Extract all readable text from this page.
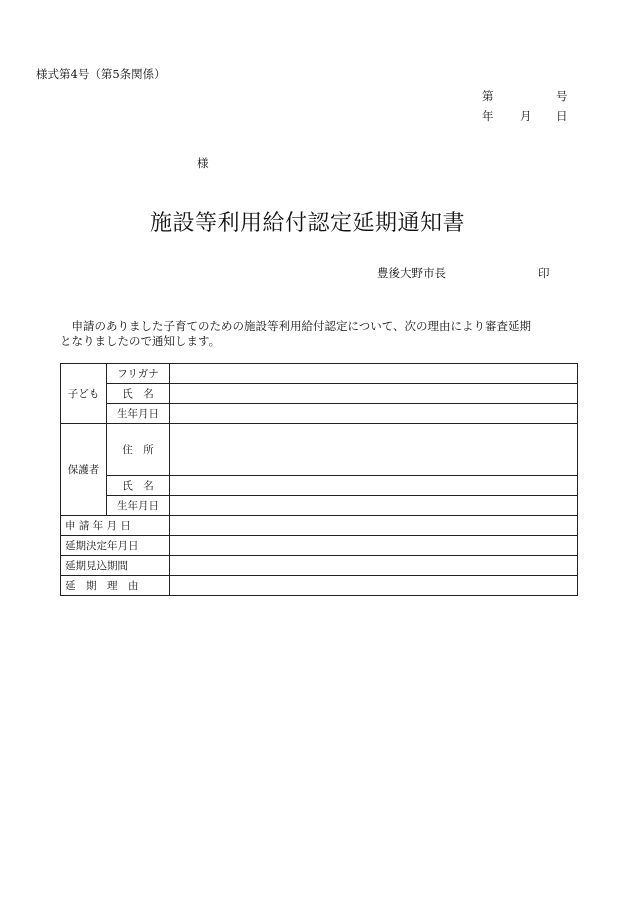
様式第4号（第5条関係）
第	号
年 月 日
様
施設等利用給付認定延期通知書
豊後大野市長	印
　申請のありました子育てのための施設等利用給付認定について、次の理由により審査延期
となりましたので通知します。
子ども	フリガナ	
	氏　名	
	生年月日	
保護者	住　所	
	氏　名	
	生年月日	
申 請 年 月 日		
延期決定年月日		
延期見込期間		
延　期　理　由		
